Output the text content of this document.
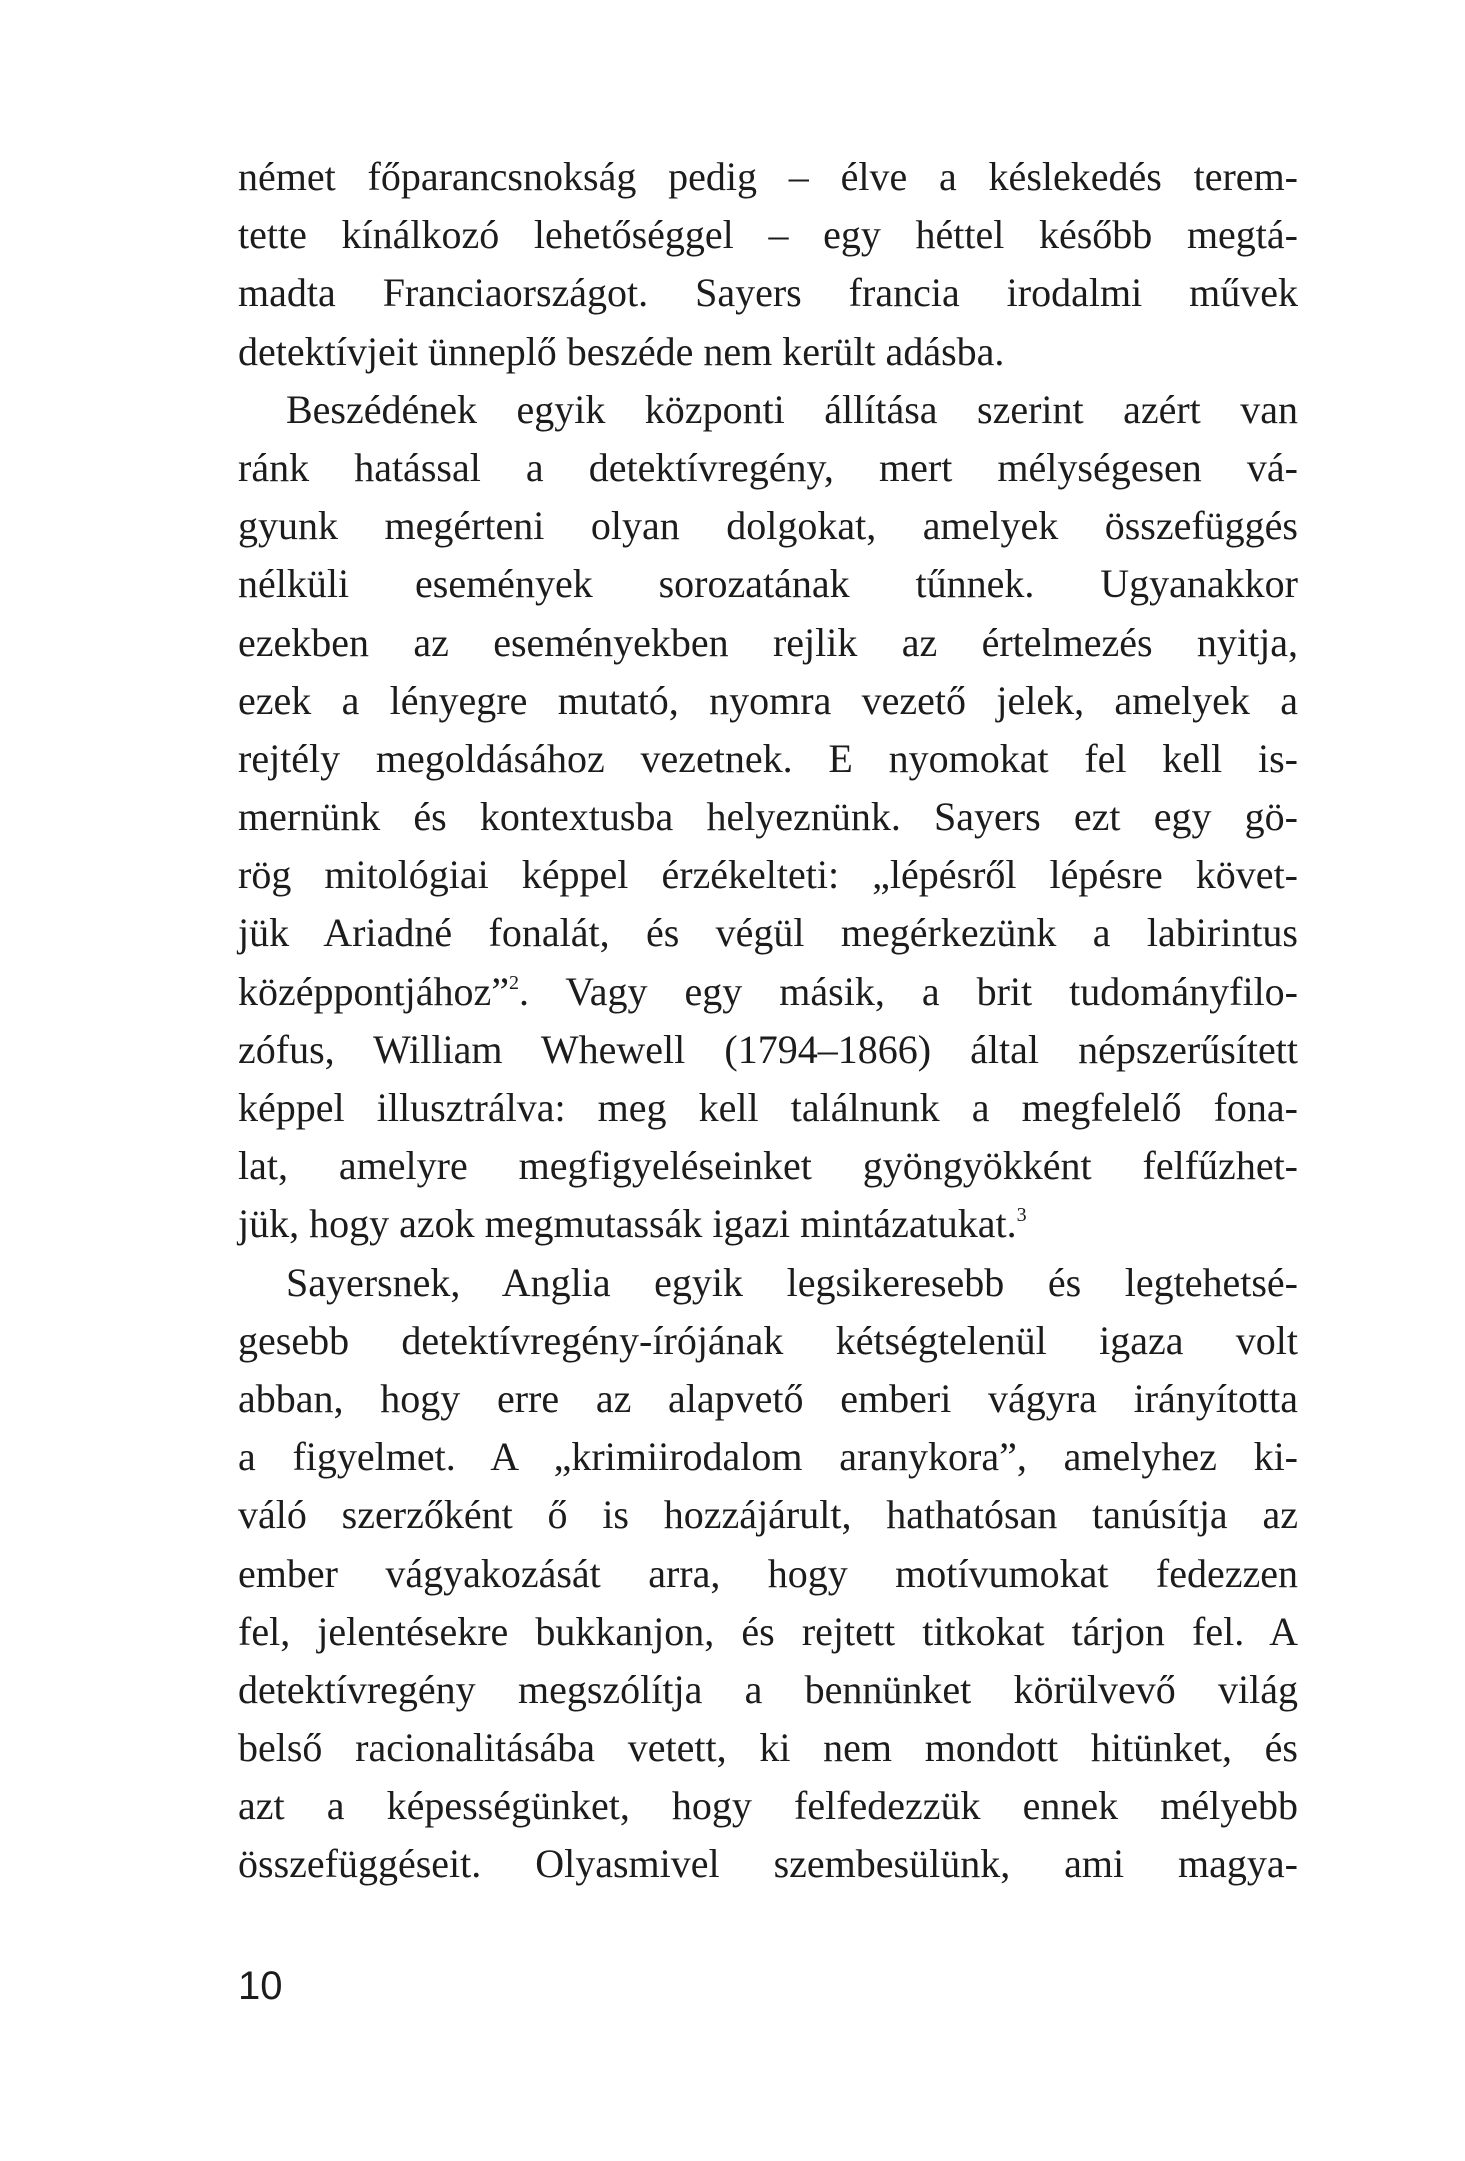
német főparancsnokság pedig – élve a késlekedés terem-
tette kínálkozó lehetőséggel – egy héttel később megtá-
madta Franciaországot. Sayers francia irodalmi művek
detektívjeit ünneplő beszéde nem került adásba.
Beszédének egyik központi állítása szerint azért van
ránk hatással a detektívregény, mert mélységesen vá-
gyunk megérteni olyan dolgokat, amelyek összefüggés
nélküli események sorozatának tűnnek. Ugyanakkor
ezekben az eseményekben rejlik az értelmezés nyitja,
ezek a lényegre mutató, nyomra vezető jelek, amelyek a
rejtély megoldásához vezetnek. E nyomokat fel kell is-
mernünk és kontextusba helyeznünk. Sayers ezt egy gö-
rög mitológiai képpel érzékelteti: „lépésről lépésre követ-
jük Ariadné fonalát, és végül megérkezünk a labirintus
középpontjához”$^2$. Vagy egy másik, a brit tudományfilo-
zófus, William Whewell (1794–1866) által népszerűsített
képpel illusztrálva: meg kell találnunk a megfelelő fona-
lat, amelyre megfigyeléseinket gyöngyökként felfűzhet-
jük, hogy azok megmutassák igazi mintázatukat.$^3$
Sayersnek, Anglia egyik legsikeresebb és legtehetsé-
gesebb detektívregény-írójának kétségtelenül igaza volt
abban, hogy erre az alapvető emberi vágyra irányította
a figyelmet. A „krimiirodalom aranykora”, amelyhez ki-
váló szerzőként ő is hozzájárult, hathatósan tanúsítja az
ember vágyakozását arra, hogy motívumokat fedezzen
fel, jelentésekre bukkanjon, és rejtett titkokat tárjon fel. A
detektívregény megszólítja a bennünket körülvevő világ
belső racionalitásába vetett, ki nem mondott hitünket, és
azt a képességünket, hogy felfedezzük ennek mélyebb
összefüggéseit. Olyasmivel szembesülünk, ami magya-
10
